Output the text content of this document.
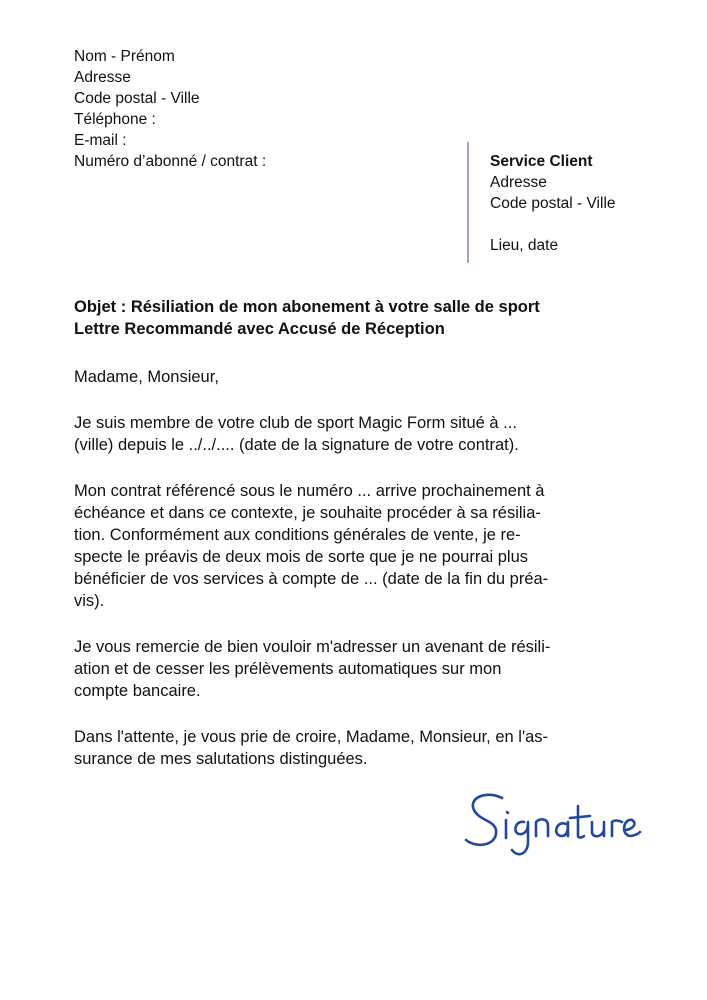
Nom - Prénom
Adresse
Code postal - Ville
Téléphone :
E-mail :
Numéro d’abonné / contrat :	Service Client
Adresse
Code postal - Ville
Lieu, date
Objet : Résiliation de mon abonement à votre salle de sport
Lettre Recommandé avec Accusé de Réception

Madame, Monsieur,

Je suis membre de votre club de sport Magic Form situé à ...
(ville) depuis le ../../.... (date de la signature de votre contrat).

Mon contrat référencé sous le numéro ... arrive prochainement à
échéance et dans ce contexte, je souhaite procéder à sa résilia-
tion. Conformément aux conditions générales de vente, je re-
specte le préavis de deux mois de sorte que je ne pourrai plus
bénéficier de vos services à compte de ... (date de la fin du préa-
vis).

Je vous remercie de bien vouloir m'adresser un avenant de résili-
ation et de cesser les prélèvements automatiques sur mon
compte bancaire.

Dans l'attente, je vous prie de croire, Madame, Monsieur, en l'as-
surance de mes salutations distinguées.

Signature
